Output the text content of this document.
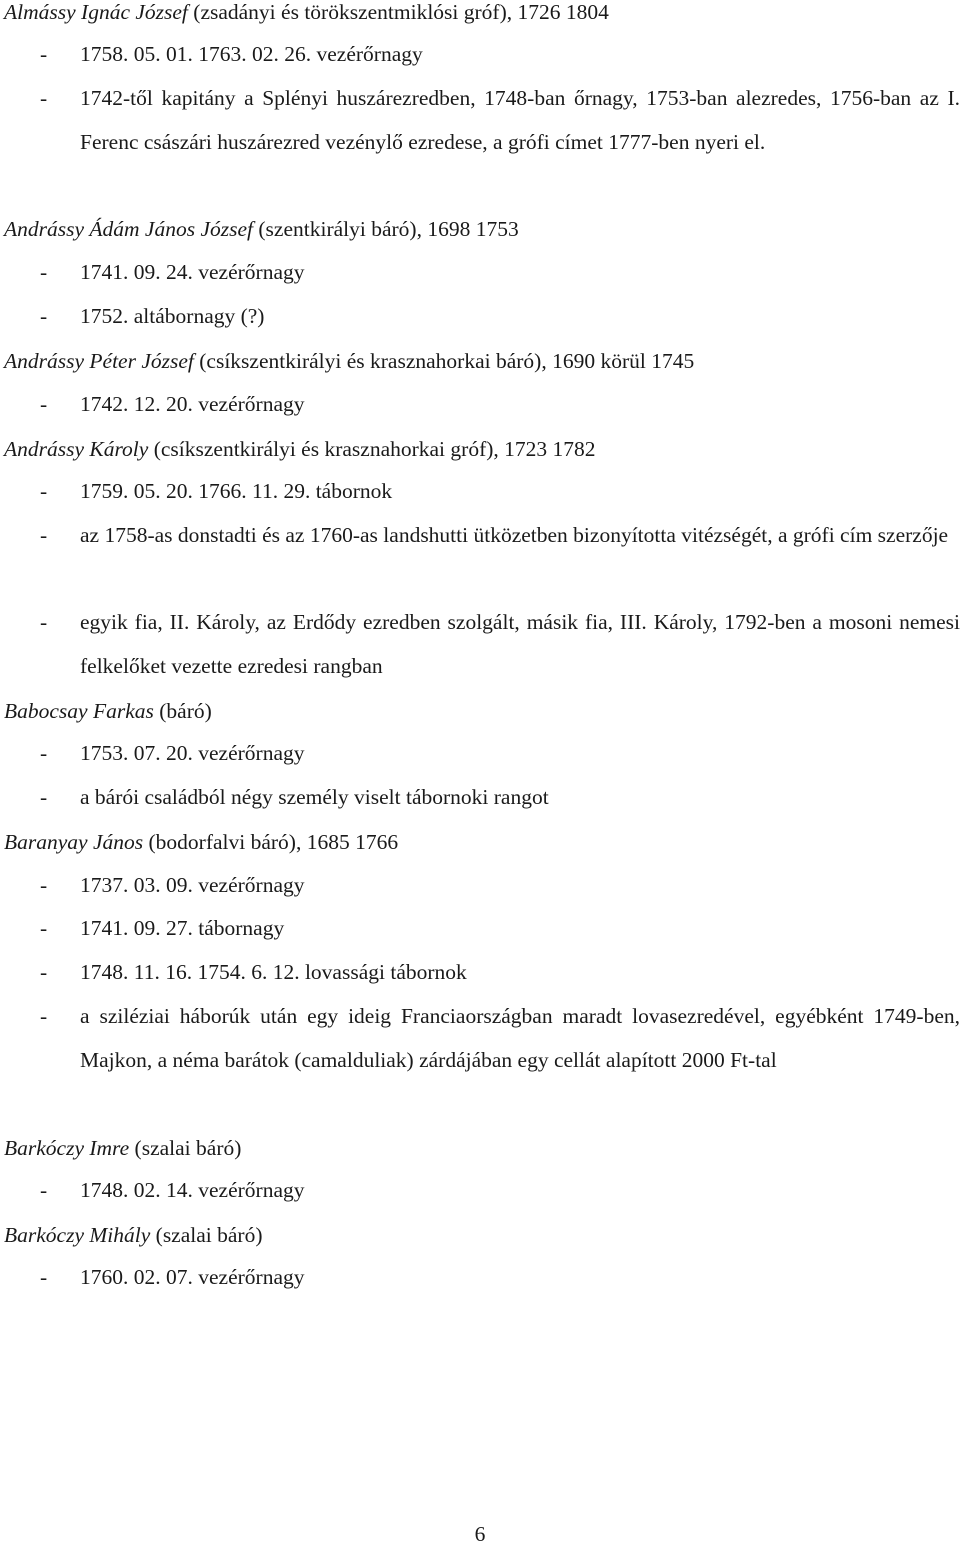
Almássy Ignác József (zsadányi és törökszentmiklósi gróf), 1726 1804
- 1758. 05. 01. 1763. 02. 26. vezérőrnagy
- 1742-től kapitány a Splényi huszárezredben, 1748-ban őrnagy, 1753-ban alezredes, 1756-ban az I. Ferenc császári huszárezred vezénylő ezredese, a grófi címet 1777-ben nyeri el.
Andrássy Ádám János József (szentkirályi báró), 1698 1753
- 1741. 09. 24. vezérőrnagy
- 1752. altábornagy (?)
Andrássy Péter József (csíkszentkirályi és krasznahorkai báró), 1690 körül 1745
- 1742. 12. 20. vezérőrnagy
Andrássy Károly (csíkszentkirályi és krasznahorkai gróf), 1723 1782
- 1759. 05. 20. 1766. 11. 29. tábornok
- az 1758-as donstadti és az 1760-as landshutti ütközetben bizonyította vitézségét, a grófi cím szerzője
- egyik fia, II. Károly, az Erdődy ezredben szolgált, másik fia, III. Károly, 1792-ben a mosoni nemesi felkelőket vezette ezredesi rangban
Babocsay Farkas (báró)
- 1753. 07. 20. vezérőrnagy
- a bárói családból négy személy viselt tábornoki rangot
Baranyay János (bodorfalvi báró), 1685 1766
- 1737. 03. 09. vezérőrnagy
- 1741. 09. 27. tábornagy
- 1748. 11. 16. 1754. 6. 12. lovassági tábornok
- a sziléziai háborúk után egy ideig Franciaországban maradt lovasezredével, egyébként 1749-ben, Majkon, a néma barátok (camalduliak) zárdájában egy cellát alapított 2000 Ft-tal
Barkóczy Imre (szalai báró)
- 1748. 02. 14. vezérőrnagy
Barkóczy Mihály (szalai báró)
- 1760. 02. 07. vezérőrnagy
6
